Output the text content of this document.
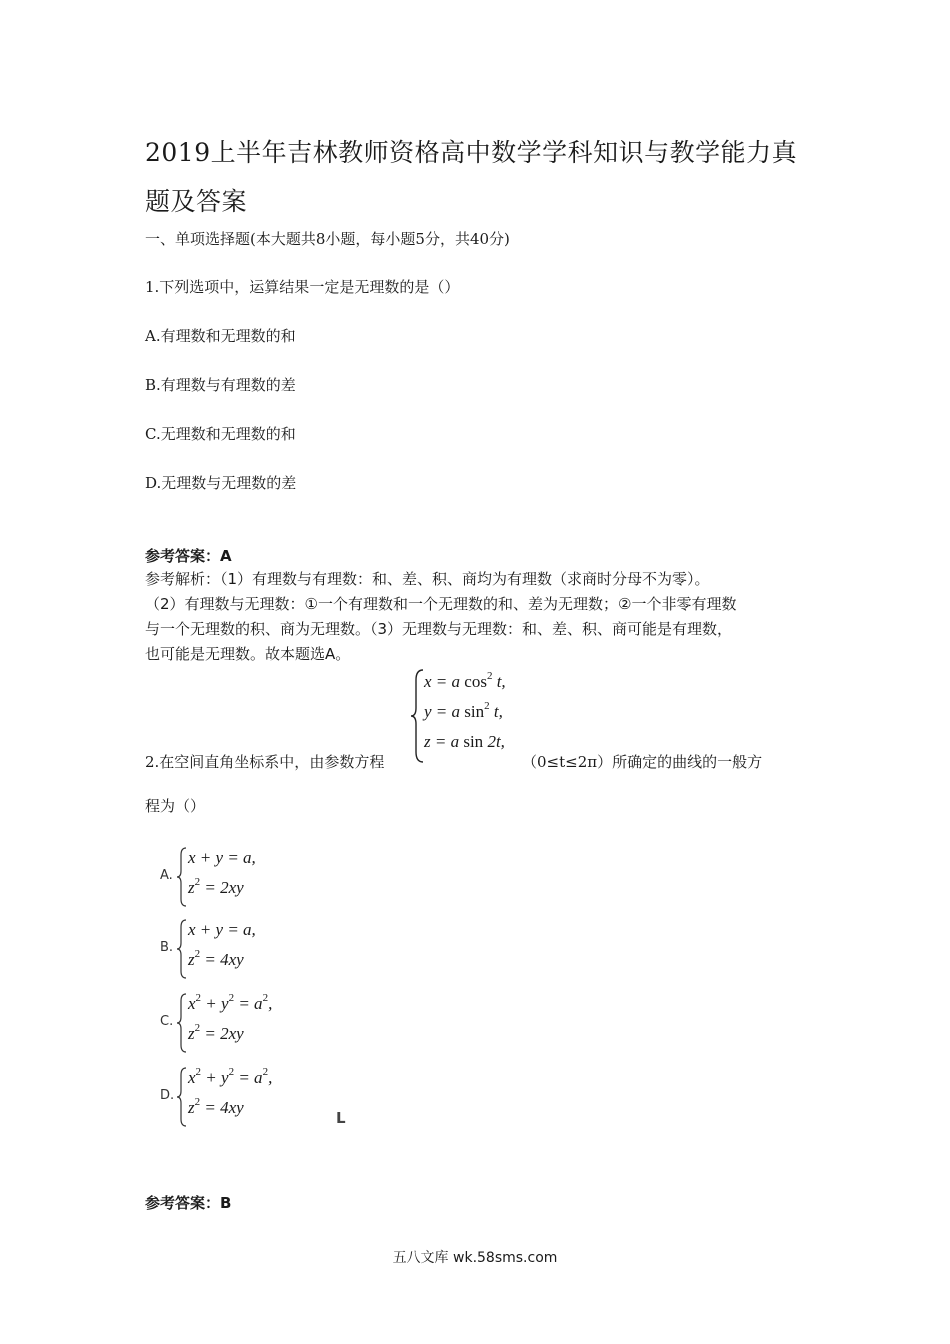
2019上半年吉林教师资格高中数学学科知识与教学能力真
题及答案
一、单项选择题(本大题共8小题，每小题5分，共40分)
1.下列选项中，运算结果一定是无理数的是（）
A.有理数和无理数的和
B.有理数与有理数的差
C.无理数和无理数的和
D.无理数与无理数的差
参考答案：A

参考解析：（1）有理数与有理数：和、差、积、商均为有理数（求商时分母不为零）。

（2）有理数与无理数：①一个有理数和一个无理数的和、差为无理数；②一个非零有理数

与一个无理数的积、商为无理数。（3）无理数与无理数：和、差、积、商可能是有理数，

也可能是无理数。故本题选A。

x = a $\cos^2 t$,
y = a $\sin^2 t$,
z = a sin 2t,
2.在空间直角坐标系中，由参数方程	（0≤t≤2π）所确定的曲线的一般方
程为（）
A.
x + y = a,
$z^2 = 2xy$
B.
x + y = a,
$z^2 = 4xy$
C.
$x^2 + y^2 = a^2$,
$z^2 = 2xy$
D.
$x^2 + y^2 = a^2$,
$z^2 = 4xy$
L
参考答案：B
五八文库 wk.58sms.com
